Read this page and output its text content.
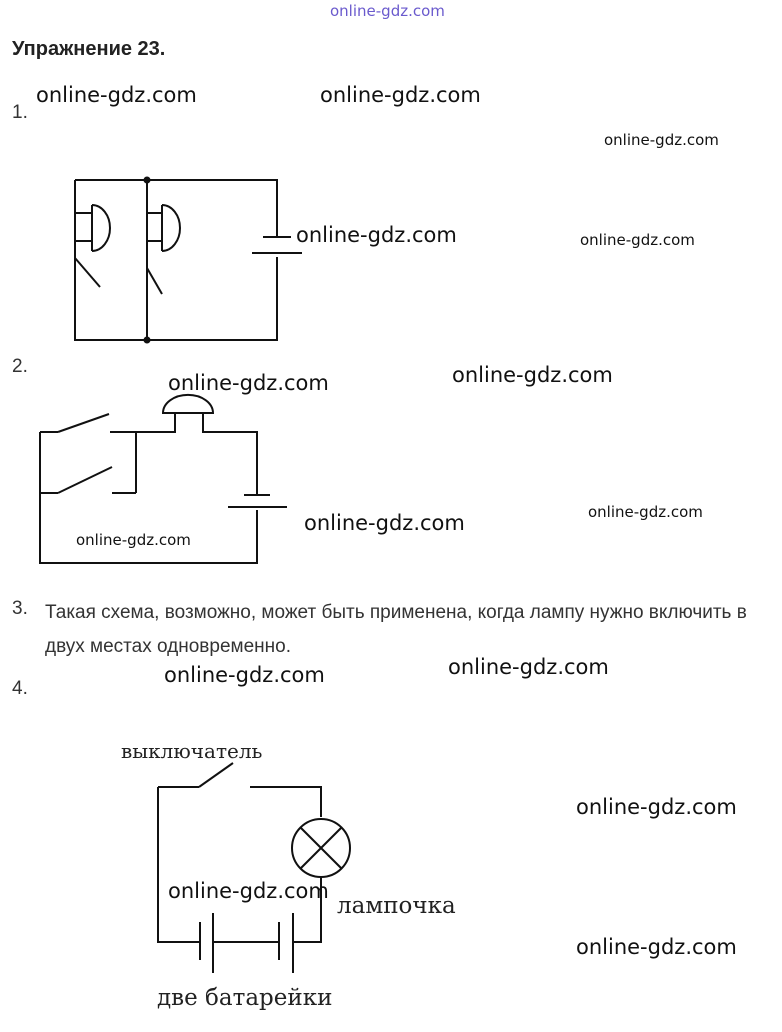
online-gdz.com
Упражнение 23.
1.
2.
3.
4.
Такая схема, возможно, может быть применена, когда лампу нужно включить в двух местах одновременно.
выключатель
лампочка
две батарейки
online-gdz.com	online-gdz.com
online-gdz.com
online-gdz.com	online-gdz.com
online-gdz.com	online-gdz.com
online-gdz.com	online-gdz.com
online-gdz.com
online-gdz.com
online-gdz.com
online-gdz.com
online-gdz.com
online-gdz.com
